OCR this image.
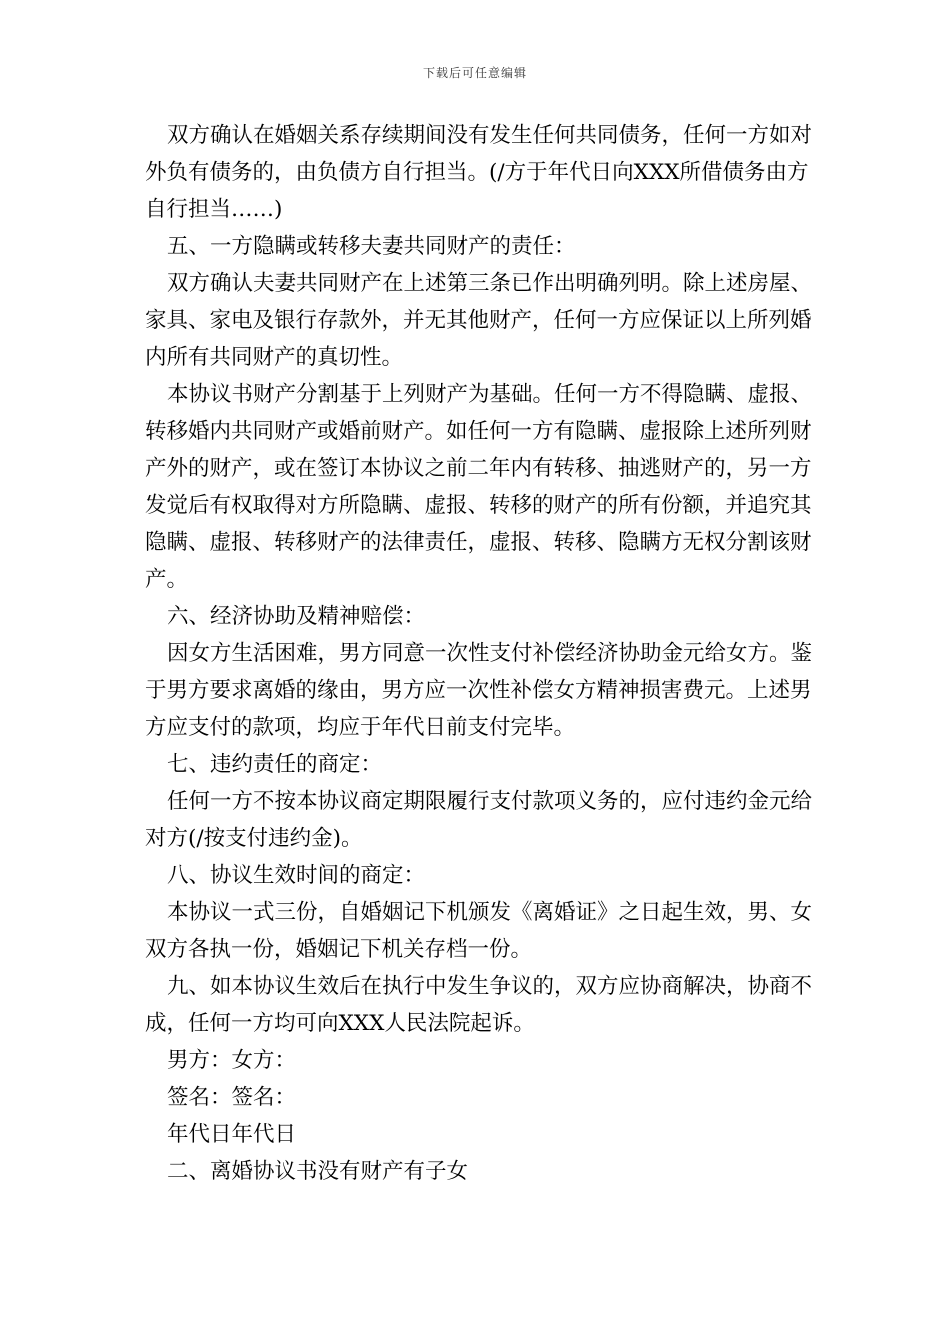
下载后可任意编辑

双方确认在婚姻关系存续期间没有发生任何共同债务，任何一方如对外负有债务的，由负债方自行担当。(/方于年代日向XXX所借债务由方自行担当……)

五、一方隐瞒或转移夫妻共同财产的责任：

双方确认夫妻共同财产在上述第三条已作出明确列明。除上述房屋、家具、家电及银行存款外，并无其他财产，任何一方应保证以上所列婚内所有共同财产的真切性。

本协议书财产分割基于上列财产为基础。任何一方不得隐瞒、虚报、转移婚内共同财产或婚前财产。如任何一方有隐瞒、虚报除上述所列财产外的财产，或在签订本协议之前二年内有转移、抽逃财产的，另一方发觉后有权取得对方所隐瞒、虚报、转移的财产的所有份额，并追究其隐瞒、虚报、转移财产的法律责任，虚报、转移、隐瞒方无权分割该财产。

六、经济协助及精神赔偿：

因女方生活困难，男方同意一次性支付补偿经济协助金元给女方。鉴于男方要求离婚的缘由，男方应一次性补偿女方精神损害费元。上述男方应支付的款项，均应于年代日前支付完毕。

七、违约责任的商定：

任何一方不按本协议商定期限履行支付款项义务的，应付违约金元给对方(/按支付违约金)。

八、协议生效时间的商定：

本协议一式三份，自婚姻记下机颁发《离婚证》之日起生效，男、女双方各执一份，婚姻记下机关存档一份。

九、如本协议生效后在执行中发生争议的，双方应协商解决，协商不成，任何一方均可向XXX人民法院起诉。

男方：女方：

签名：签名：

年代日年代日

二、离婚协议书没有财产有子女
